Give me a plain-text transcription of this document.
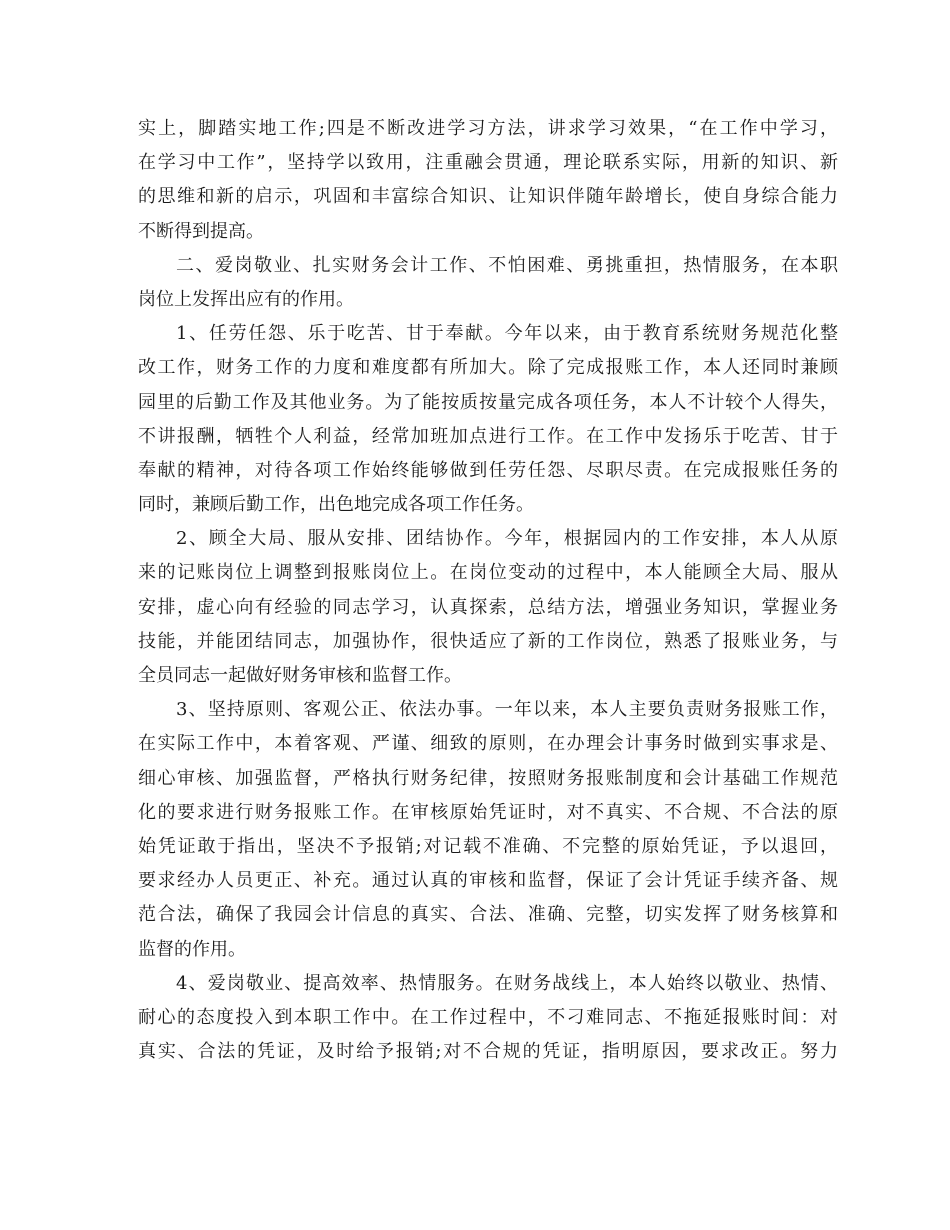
实上，脚踏实地工作;四是不断改进学习方法，讲求学习效果，“在工作中学习，
在学习中工作”，坚持学以致用，注重融会贯通，理论联系实际，用新的知识、新
的思维和新的启示，巩固和丰富综合知识、让知识伴随年龄增长，使自身综合能力
不断得到提高。
二、爱岗敬业、扎实财务会计工作、不怕困难、勇挑重担，热情服务，在本职
岗位上发挥出应有的作用。
1、任劳任怨、乐于吃苦、甘于奉献。今年以来，由于教育系统财务规范化整
改工作，财务工作的力度和难度都有所加大。除了完成报账工作，本人还同时兼顾
园里的后勤工作及其他业务。为了能按质按量完成各项任务，本人不计较个人得失，
不讲报酬，牺牲个人利益，经常加班加点进行工作。在工作中发扬乐于吃苦、甘于
奉献的精神，对待各项工作始终能够做到任劳任怨、尽职尽责。在完成报账任务的
同时，兼顾后勤工作，出色地完成各项工作任务。
2、顾全大局、服从安排、团结协作。今年，根据园内的工作安排，本人从原
来的记账岗位上调整到报账岗位上。在岗位变动的过程中，本人能顾全大局、服从
安排，虚心向有经验的同志学习，认真探索，总结方法，增强业务知识，掌握业务
技能，并能团结同志，加强协作，很快适应了新的工作岗位，熟悉了报账业务，与
全员同志一起做好财务审核和监督工作。
3、坚持原则、客观公正、依法办事。一年以来，本人主要负责财务报账工作，
在实际工作中，本着客观、严谨、细致的原则，在办理会计事务时做到实事求是、
细心审核、加强监督，严格执行财务纪律，按照财务报账制度和会计基础工作规范
化的要求进行财务报账工作。在审核原始凭证时，对不真实、不合规、不合法的原
始凭证敢于指出，坚决不予报销;对记载不准确、不完整的原始凭证，予以退回，
要求经办人员更正、补充。通过认真的审核和监督，保证了会计凭证手续齐备、规
范合法，确保了我园会计信息的真实、合法、准确、完整，切实发挥了财务核算和
监督的作用。
4、爱岗敬业、提高效率、热情服务。在财务战线上，本人始终以敬业、热情、
耐心的态度投入到本职工作中。在工作过程中，不刁难同志、不拖延报账时间：对
真实、合法的凭证，及时给予报销;对不合规的凭证，指明原因，要求改正。努力
